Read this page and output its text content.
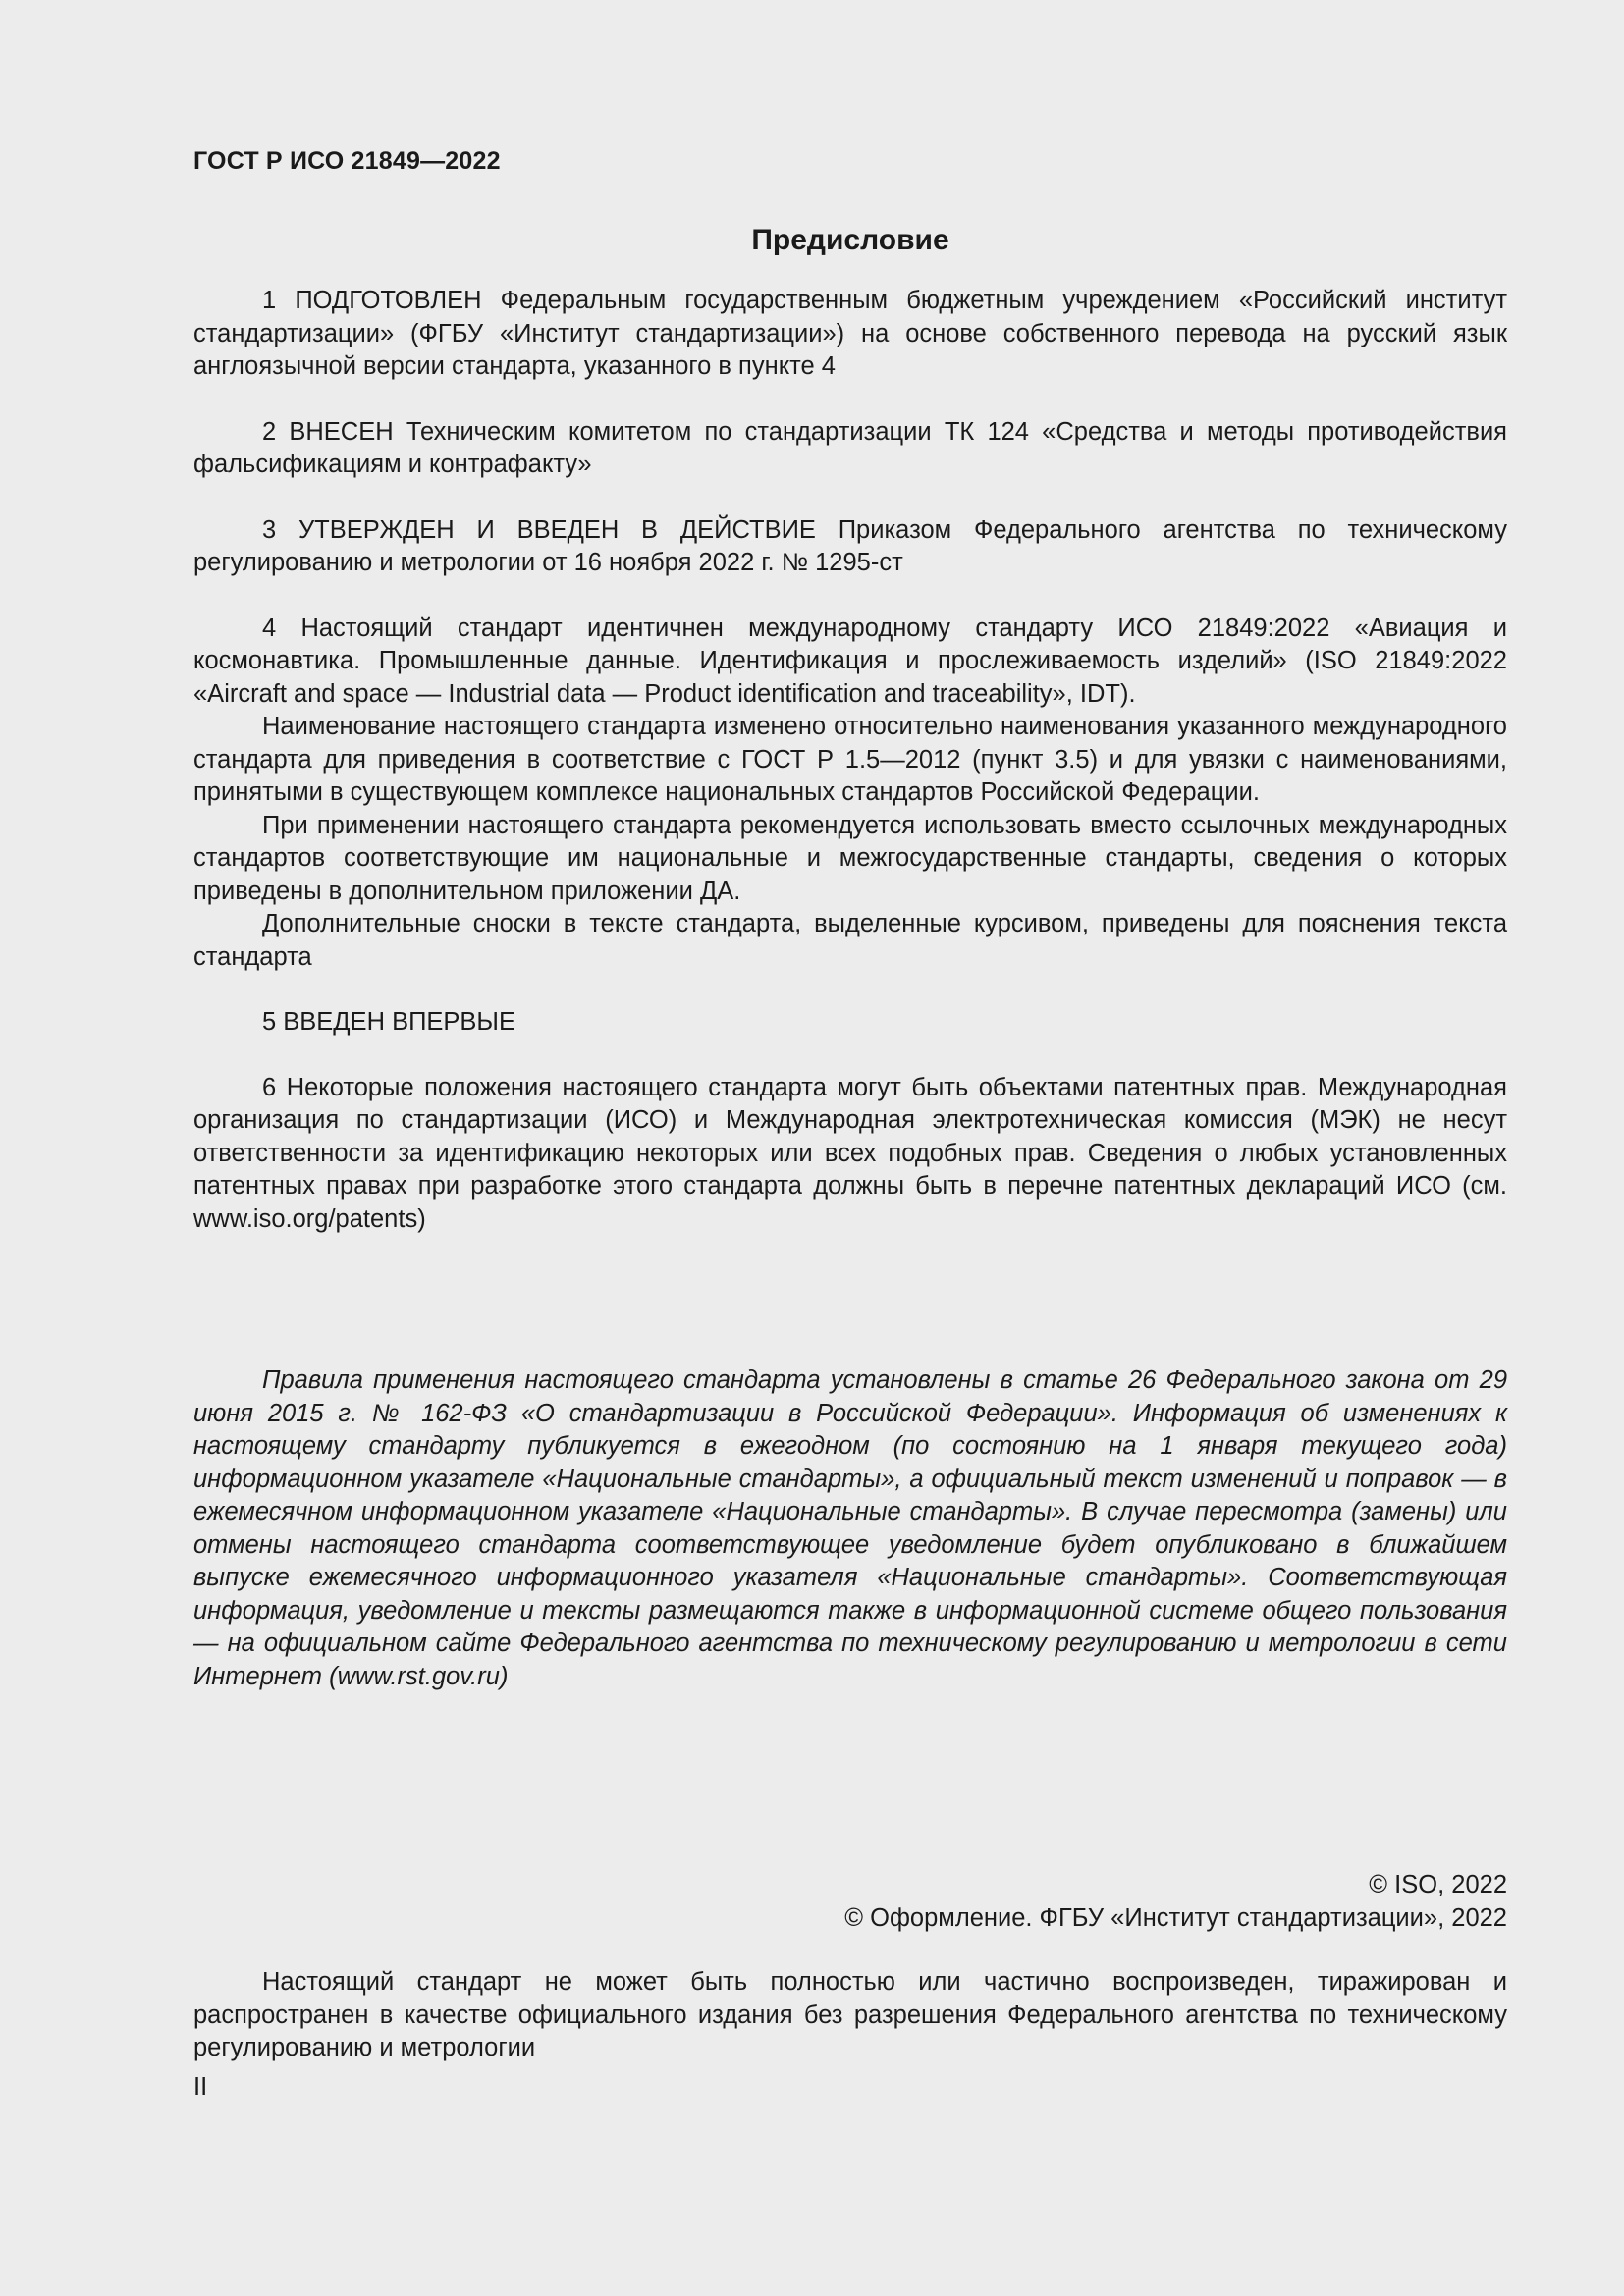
ГОСТ Р ИСО 21849—2022
Предисловие

1 ПОДГОТОВЛЕН Федеральным государственным бюджетным учреждением «Российский институт стандартизации» (ФГБУ «Институт стандартизации») на основе собственного перевода на русский язык англоязычной версии стандарта, указанного в пункте 4

2 ВНЕСЕН Техническим комитетом по стандартизации ТК 124 «Средства и методы противодействия фальсификациям и контрафакту»

3 УТВЕРЖДЕН И ВВЕДЕН В ДЕЙСТВИЕ Приказом Федерального агентства по техническому регулированию и метрологии от 16 ноября 2022 г. № 1295-ст

4 Настоящий стандарт идентичнен международному стандарту ИСО 21849:2022 «Авиация и космонавтика. Промышленные данные. Идентификация и прослеживаемость изделий» (ISO 21849:2022 «Aircraft and space — Industrial data — Product identification and traceability», IDT).

Наименование настоящего стандарта изменено относительно наименования указанного международного стандарта для приведения в соответствие с ГОСТ Р 1.5—2012 (пункт 3.5) и для увязки с наименованиями, принятыми в существующем комплексе национальных стандартов Российской Федерации.

При применении настоящего стандарта рекомендуется использовать вместо ссылочных международных стандартов соответствующие им национальные и межгосударственные стандарты, сведения о которых приведены в дополнительном приложении ДА.

Дополнительные сноски в тексте стандарта, выделенные курсивом, приведены для пояснения текста стандарта

5 ВВЕДЕН ВПЕРВЫЕ

6 Некоторые положения настоящего стандарта могут быть объектами патентных прав. Международная организация по стандартизации (ИСО) и Международная электротехническая комиссия (МЭК) не несут ответственности за идентификацию некоторых или всех подобных прав. Сведения о любых установленных патентных правах при разработке этого стандарта должны быть в перечне патентных деклараций ИСО (см. www.iso.org/patents)

Правила применения настоящего стандарта установлены в статье 26 Федерального закона от 29 июня 2015 г. № 162-ФЗ «О стандартизации в Российской Федерации». Информация об изменениях к настоящему стандарту публикуется в ежегодном (по состоянию на 1 января текущего года) информационном указателе «Национальные стандарты», а официальный текст изменений и поправок — в ежемесячном информационном указателе «Национальные стандарты». В случае пересмотра (замены) или отмены настоящего стандарта соответствующее уведомление будет опубликовано в ближайшем выпуске ежемесячного информационного указателя «Национальные стандарты». Соответствующая информация, уведомление и тексты размещаются также в информационной системе общего пользования — на официальном сайте Федерального агентства по техническому регулированию и метрологии в сети Интернет (www.rst.gov.ru)

© ISO, 2022
© Оформление. ФГБУ «Институт стандартизации», 2022

Настоящий стандарт не может быть полностью или частично воспроизведен, тиражирован и распространен в качестве официального издания без разрешения Федерального агентства по техническому регулированию и метрологии

II
